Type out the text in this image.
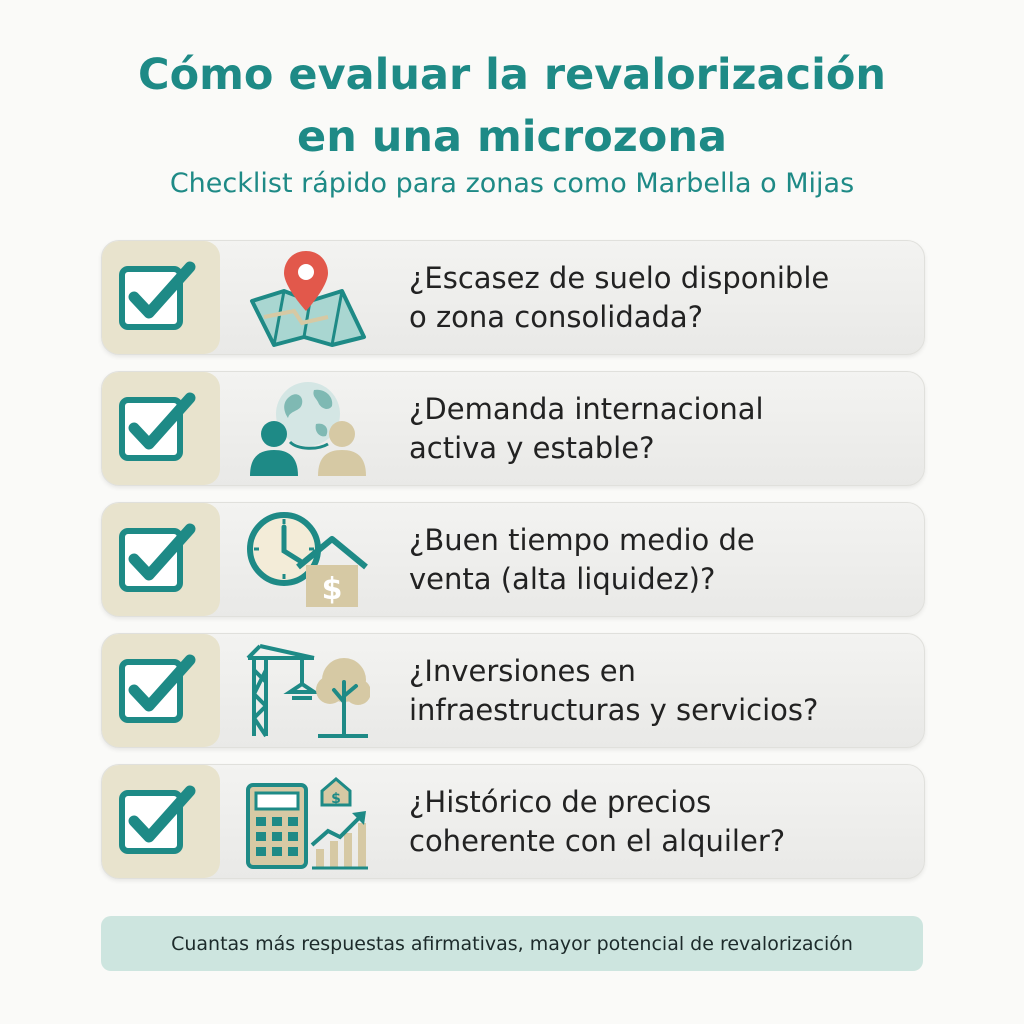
Cómo evaluar la revalorización
en una microzona

Checklist rápido para zonas como Marbella o Mijas

¿Escasez de suelo disponible
o zona consolidada?
¿Demanda internacional
activa y estable?
$
¿Buen tiempo medio de
venta (alta liquidez)?
¿Inversiones en
infraestructuras y servicios?
$ ¿Histórico de precios
coherente con el alquiler?
Cuantas más respuestas afirmativas, mayor potencial de revalorización
